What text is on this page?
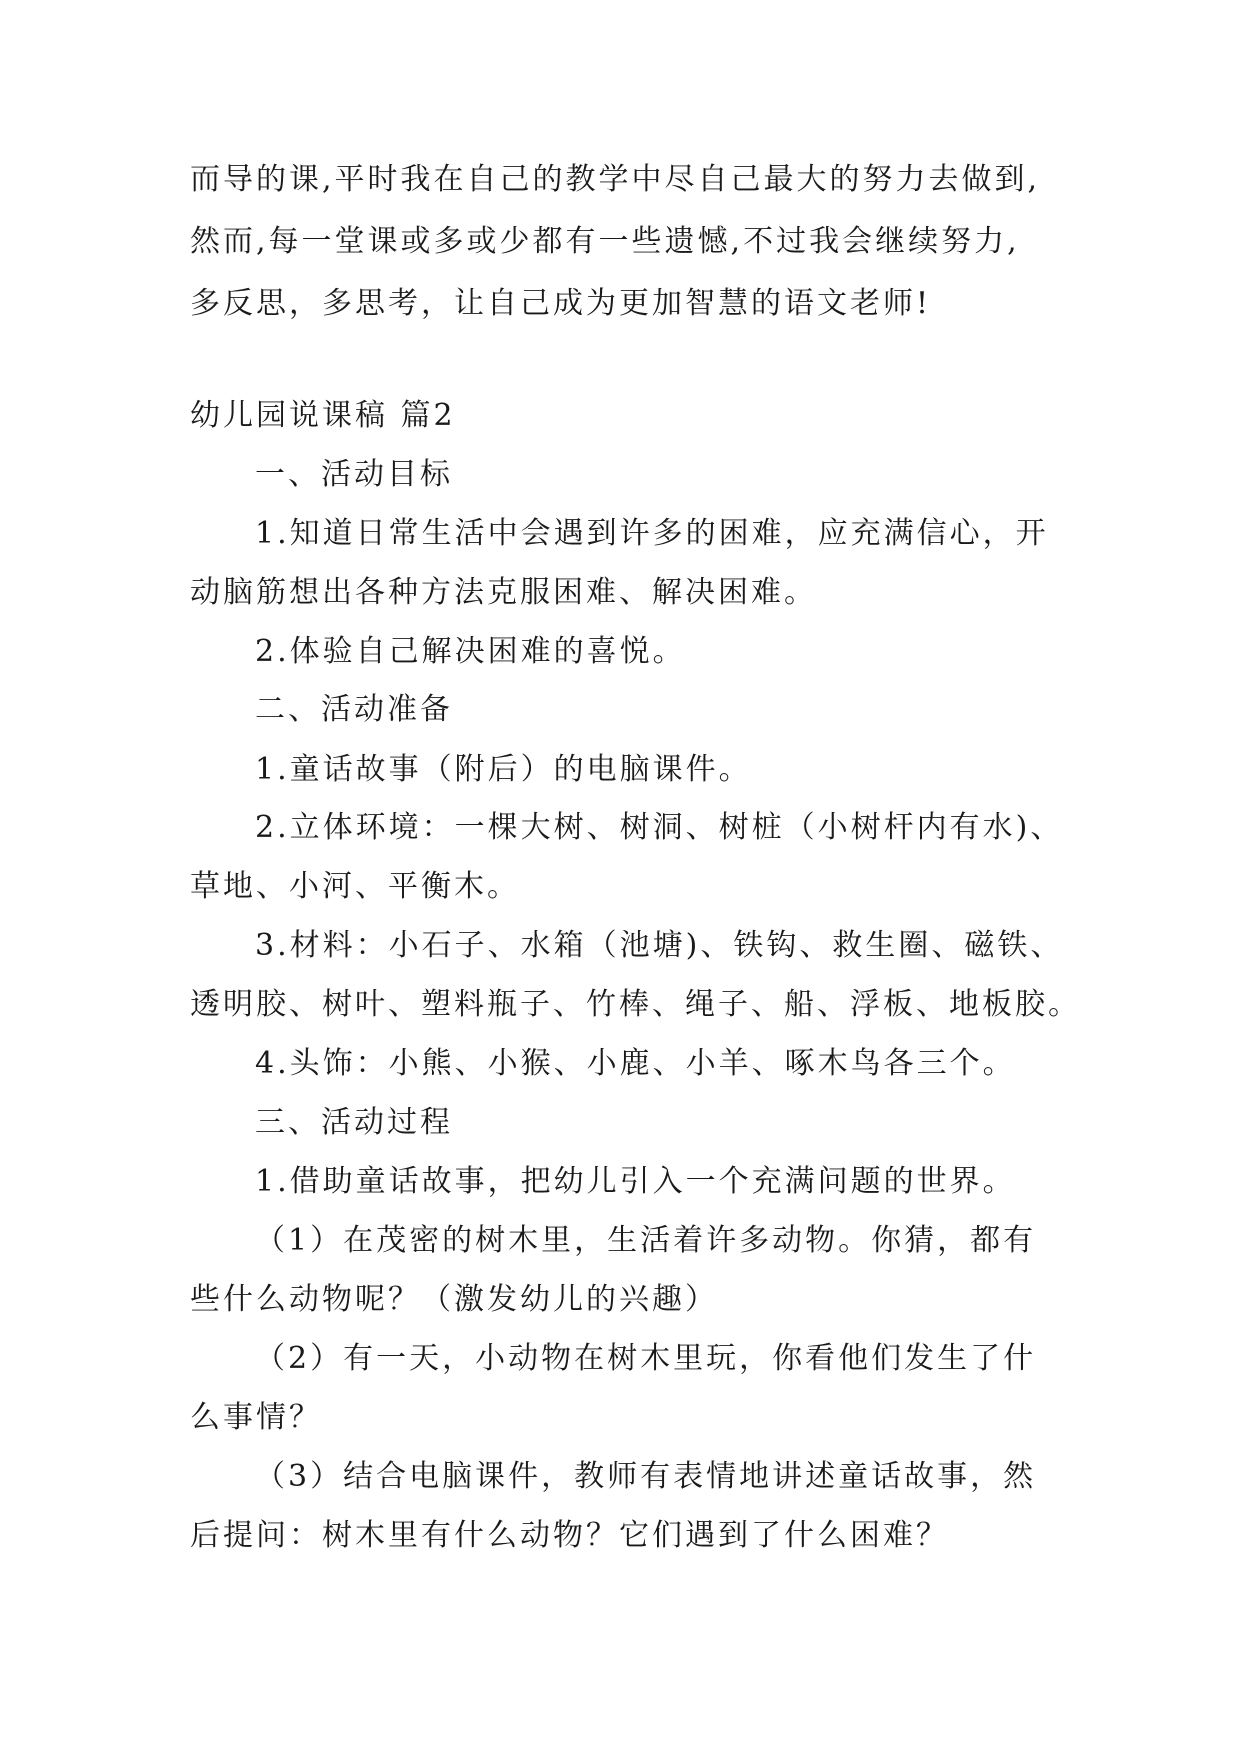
而导的课,平时我在自己的教学中尽自己最大的努力去做到,
然而,每一堂课或多或少都有一些遗憾,不过我会继续努力,
多反思，多思考，让自己成为更加智慧的语文老师!
幼儿园说课稿 篇2
一、活动目标
1.知道日常生活中会遇到许多的困难，应充满信心，开
动脑筋想出各种方法克服困难、解决困难。
2.体验自己解决困难的喜悦。
二、活动准备
1.童话故事（附后）的电脑课件。
2.立体环境：一棵大树、树洞、树桩（小树杆内有水)、
草地、小河、平衡木。
3.材料：小石子、水箱（池塘)、铁钩、救生圈、磁铁、
透明胶、树叶、塑料瓶子、竹棒、绳子、船、浮板、地板胶。
4.头饰：小熊、小猴、小鹿、小羊、啄木鸟各三个。
三、活动过程
1.借助童话故事，把幼儿引入一个充满问题的世界。
（1）在茂密的树木里，生活着许多动物。你猜，都有
些什么动物呢？（激发幼儿的兴趣）
（2）有一天，小动物在树木里玩，你看他们发生了什
么事情？
（3）结合电脑课件，教师有表情地讲述童话故事，然
后提问：树木里有什么动物？它们遇到了什么困难？
